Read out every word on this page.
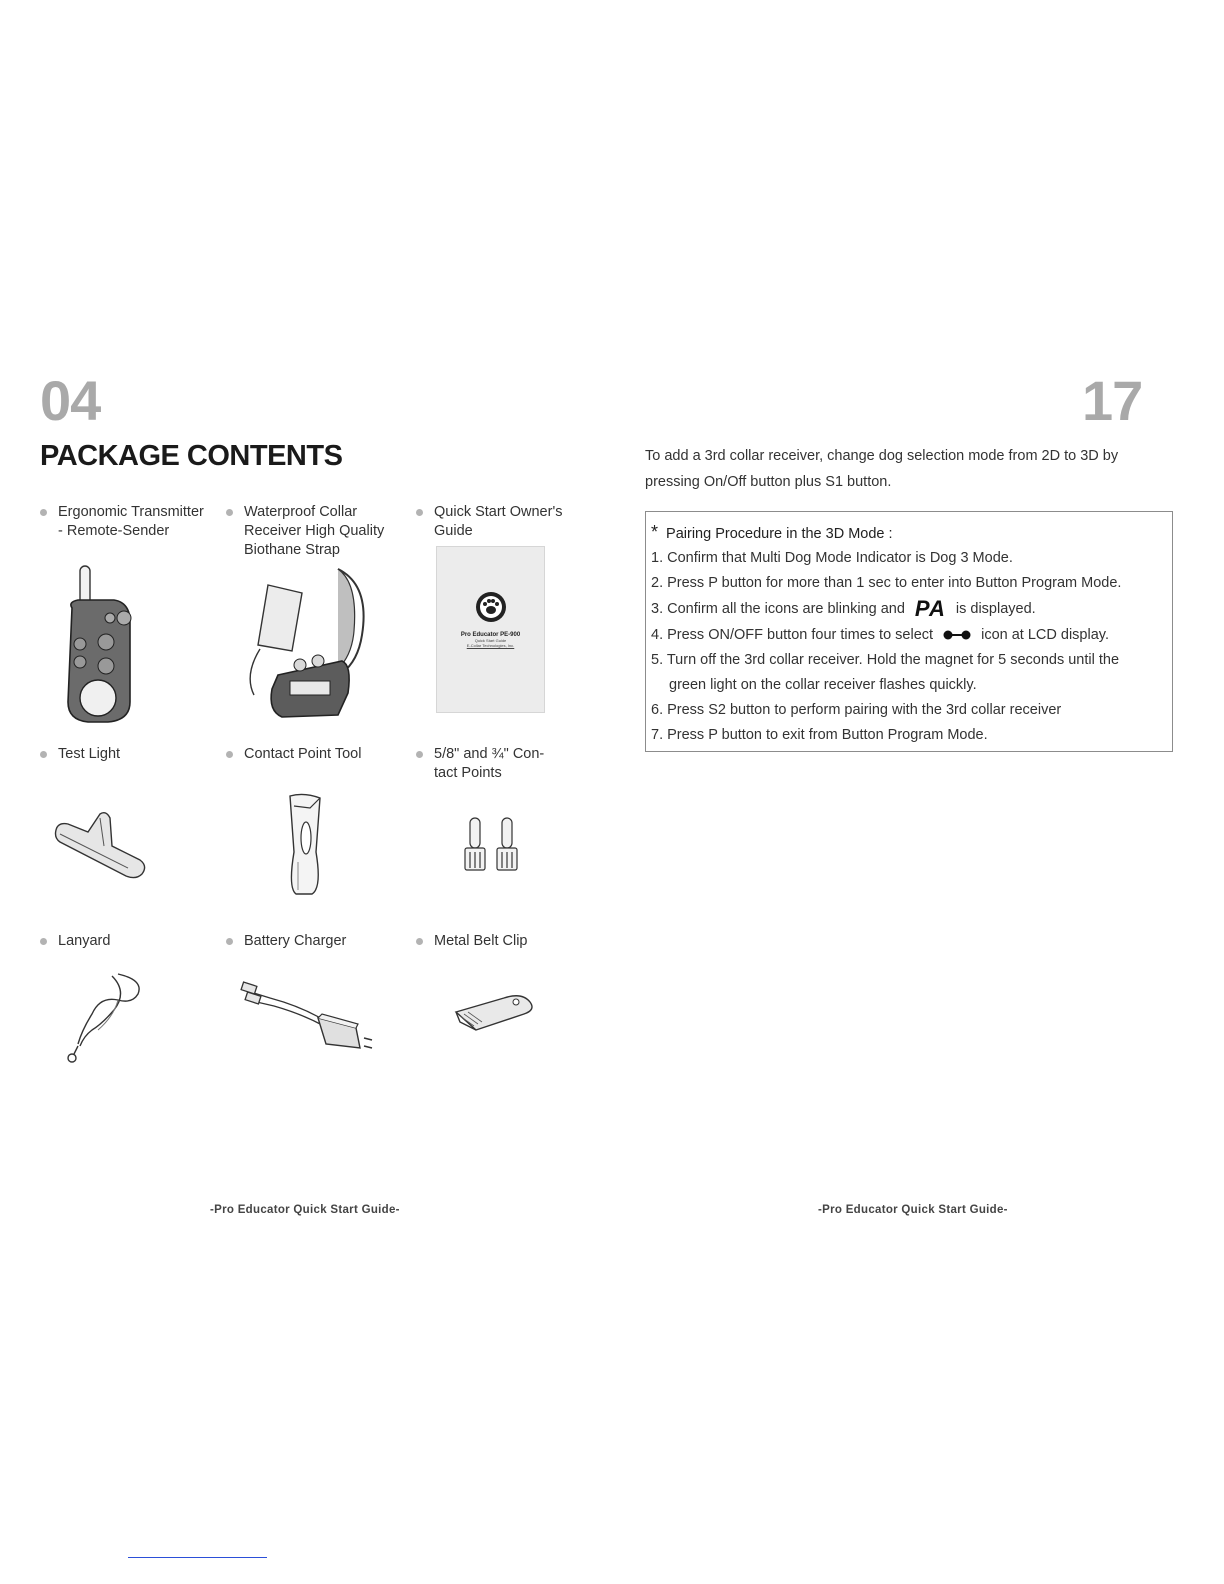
04	17
PACKAGE CONTENTS
Ergonomic Transmitter
- Remote-Sender
Waterproof Collar
Receiver High Quality
Biothane Strap
Quick Start Owner's
Guide
Pro Educator PE-900
Quick Start Guide
E-Collar Technologies, Inc.
Test Light	Contact Point Tool	5/8" and ¾" Con-
tact Points
Lanyard	Battery Charger	Metal Belt Clip
To add a 3rd collar receiver, change dog selection mode from 2D to 3D by
pressing On/Off button plus S1 button.
* Pairing Procedure in the 3D Mode :
1. Confirm that Multi Dog Mode Indicator is Dog 3 Mode.
2. Press P button for more than 1 sec to enter into Button Program Mode.
3. Confirm all the icons are blinking and PA is displayed.
4. Press ON/OFF button four times to select	icon at LCD display.
5. Turn off the 3rd collar receiver. Hold the magnet for 5 seconds until the
green light on the collar receiver flashes quickly.
6. Press S2 button to perform pairing with the 3rd collar receiver
7. Press P button to exit from Button Program Mode.
-Pro Educator Quick Start Guide-	-Pro Educator Quick Start Guide-
